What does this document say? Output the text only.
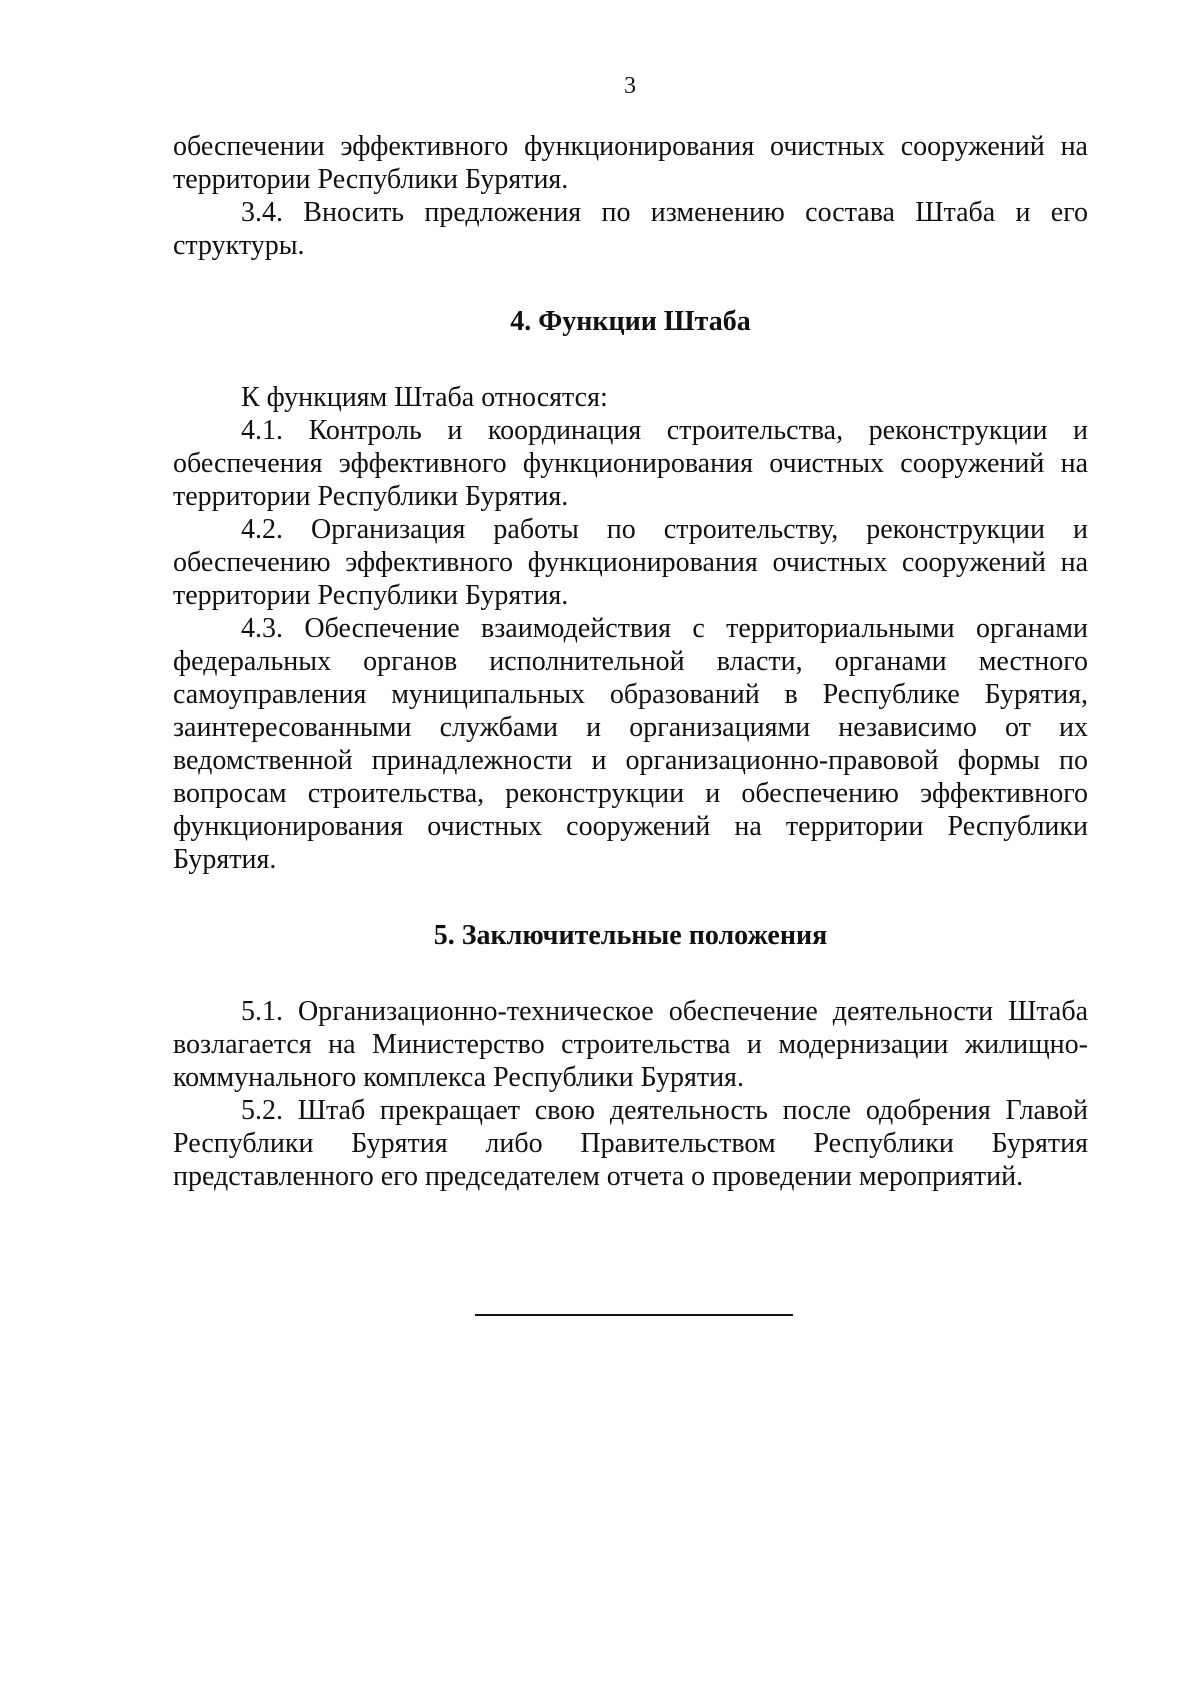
3

обеспечении эффективного функционирования очистных сооружений на территории Республики Бурятия.

3.4. Вносить предложения по изменению состава Штаба и его структуры.

4. Функции Штаба

К функциям Штаба относятся:

4.1. Контроль и координация строительства, реконструкции и обеспечения эффективного функционирования очистных сооружений на территории Республики Бурятия.

4.2. Организация работы по строительству, реконструкции и обеспечению эффективного функционирования очистных сооружений на территории Республики Бурятия.

4.3. Обеспечение взаимодействия с территориальными органами федеральных органов исполнительной власти, органами местного самоуправления муниципальных образований в Республике Бурятия, заинтересованными службами и организациями независимо от их ведомственной принадлежности и организационно-правовой формы по вопросам строительства, реконструкции и обеспечению эффективного функционирования очистных сооружений на территории Республики Бурятия.

5. Заключительные положения

5.1. Организационно-техническое обеспечение деятельности Штаба возлагается на Министерство строительства и модернизации жилищно-коммунального комплекса Республики Бурятия.

5.2. Штаб прекращает свою деятельность после одобрения Главой Республики Бурятия либо Правительством Республики Бурятия представленного его председателем отчета о проведении мероприятий.
